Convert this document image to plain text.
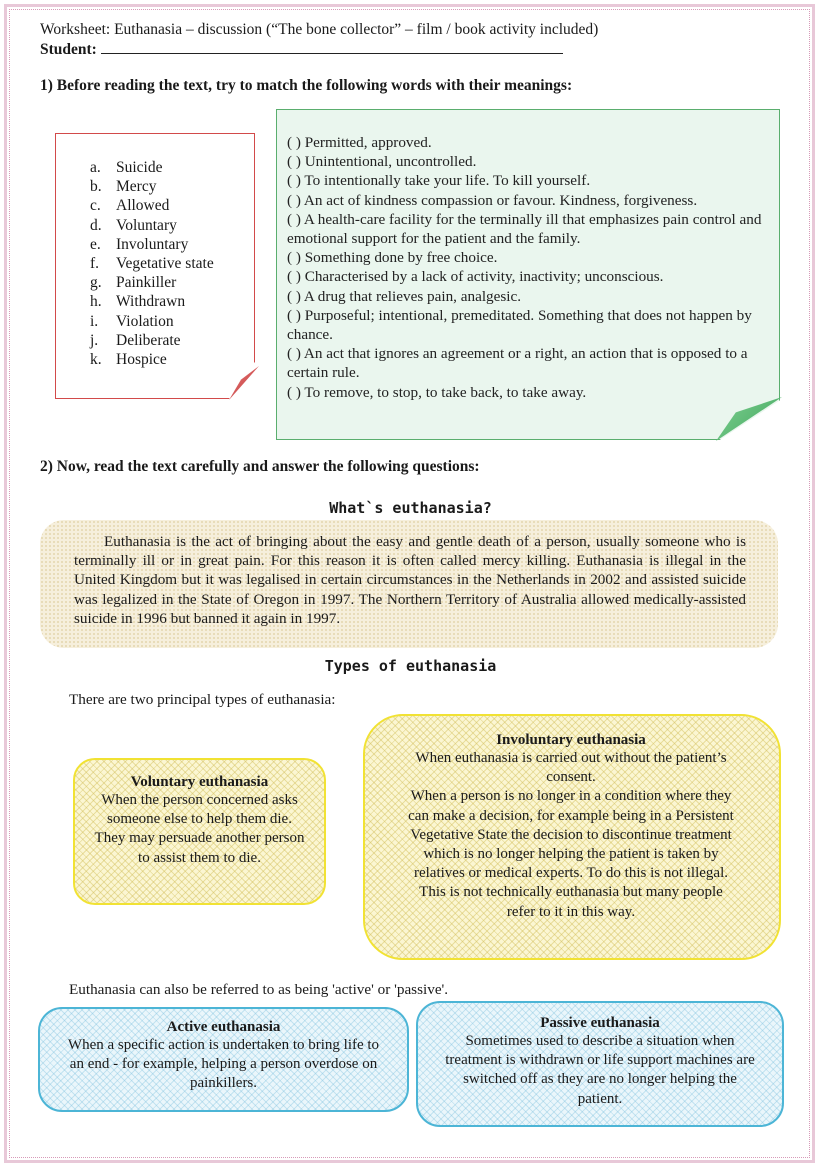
Worksheet: Euthanasia – discussion (“The bone collector” – film / book activity included)
Student:
1) Before reading the text, try to match the following words with their meanings:
a. Suicide
b. Mercy
c. Allowed
d. Voluntary
e. Involuntary
f. Vegetative state
g. Painkiller
h. Withdrawn
i. Violation
j. Deliberate
k. Hospice
( ) Permitted, approved.
( ) Unintentional, uncontrolled.
( ) To intentionally take your life. To kill yourself.
( ) An act of kindness compassion or favour. Kindness, forgiveness.
( ) A health-care facility for the terminally ill that emphasizes pain control and emotional support for the patient and the family.
( ) Something done by free choice.
( ) Characterised by a lack of activity, inactivity; unconscious.
( ) A drug that relieves pain, analgesic.
( ) Purposeful; intentional, premeditated. Something that does not happen by chance.
( ) An act that ignores an agreement or a right, an action that is opposed to a certain rule.
( ) To remove, to stop, to take back, to take away.
2) Now, read the text carefully and answer the following questions:
What`s euthanasia?
Euthanasia is the act of bringing about the easy and gentle death of a person, usually someone who is terminally ill or in great pain. For this reason it is often called mercy killing. Euthanasia is illegal in the United Kingdom but it was legalised in certain circumstances in the Netherlands in 2002 and assisted suicide was legalized in the State of Oregon in 1997. The Northern Territory of Australia allowed medically-assisted suicide in 1996 but banned it again in 1997.
Types of euthanasia
There are two principal types of euthanasia:
Voluntary euthanasia
When the person concerned asks someone else to help them die. They may persuade another person to assist them to die.
Involuntary euthanasia
When euthanasia is carried out without the patient’s consent.
When a person is no longer in a condition where they can make a decision, for example being in a Persistent Vegetative State the decision to discontinue treatment which is no longer helping the patient is taken by relatives or medical experts. To do this is not illegal. This is not technically euthanasia but many people refer to it in this way.
Euthanasia can also be referred to as being 'active' or 'passive'.
Active euthanasia
When a specific action is undertaken to bring life to an end - for example, helping a person overdose on painkillers.
Passive euthanasia
Sometimes used to describe a situation when treatment is withdrawn or life support machines are switched off as they are no longer helping the patient.
